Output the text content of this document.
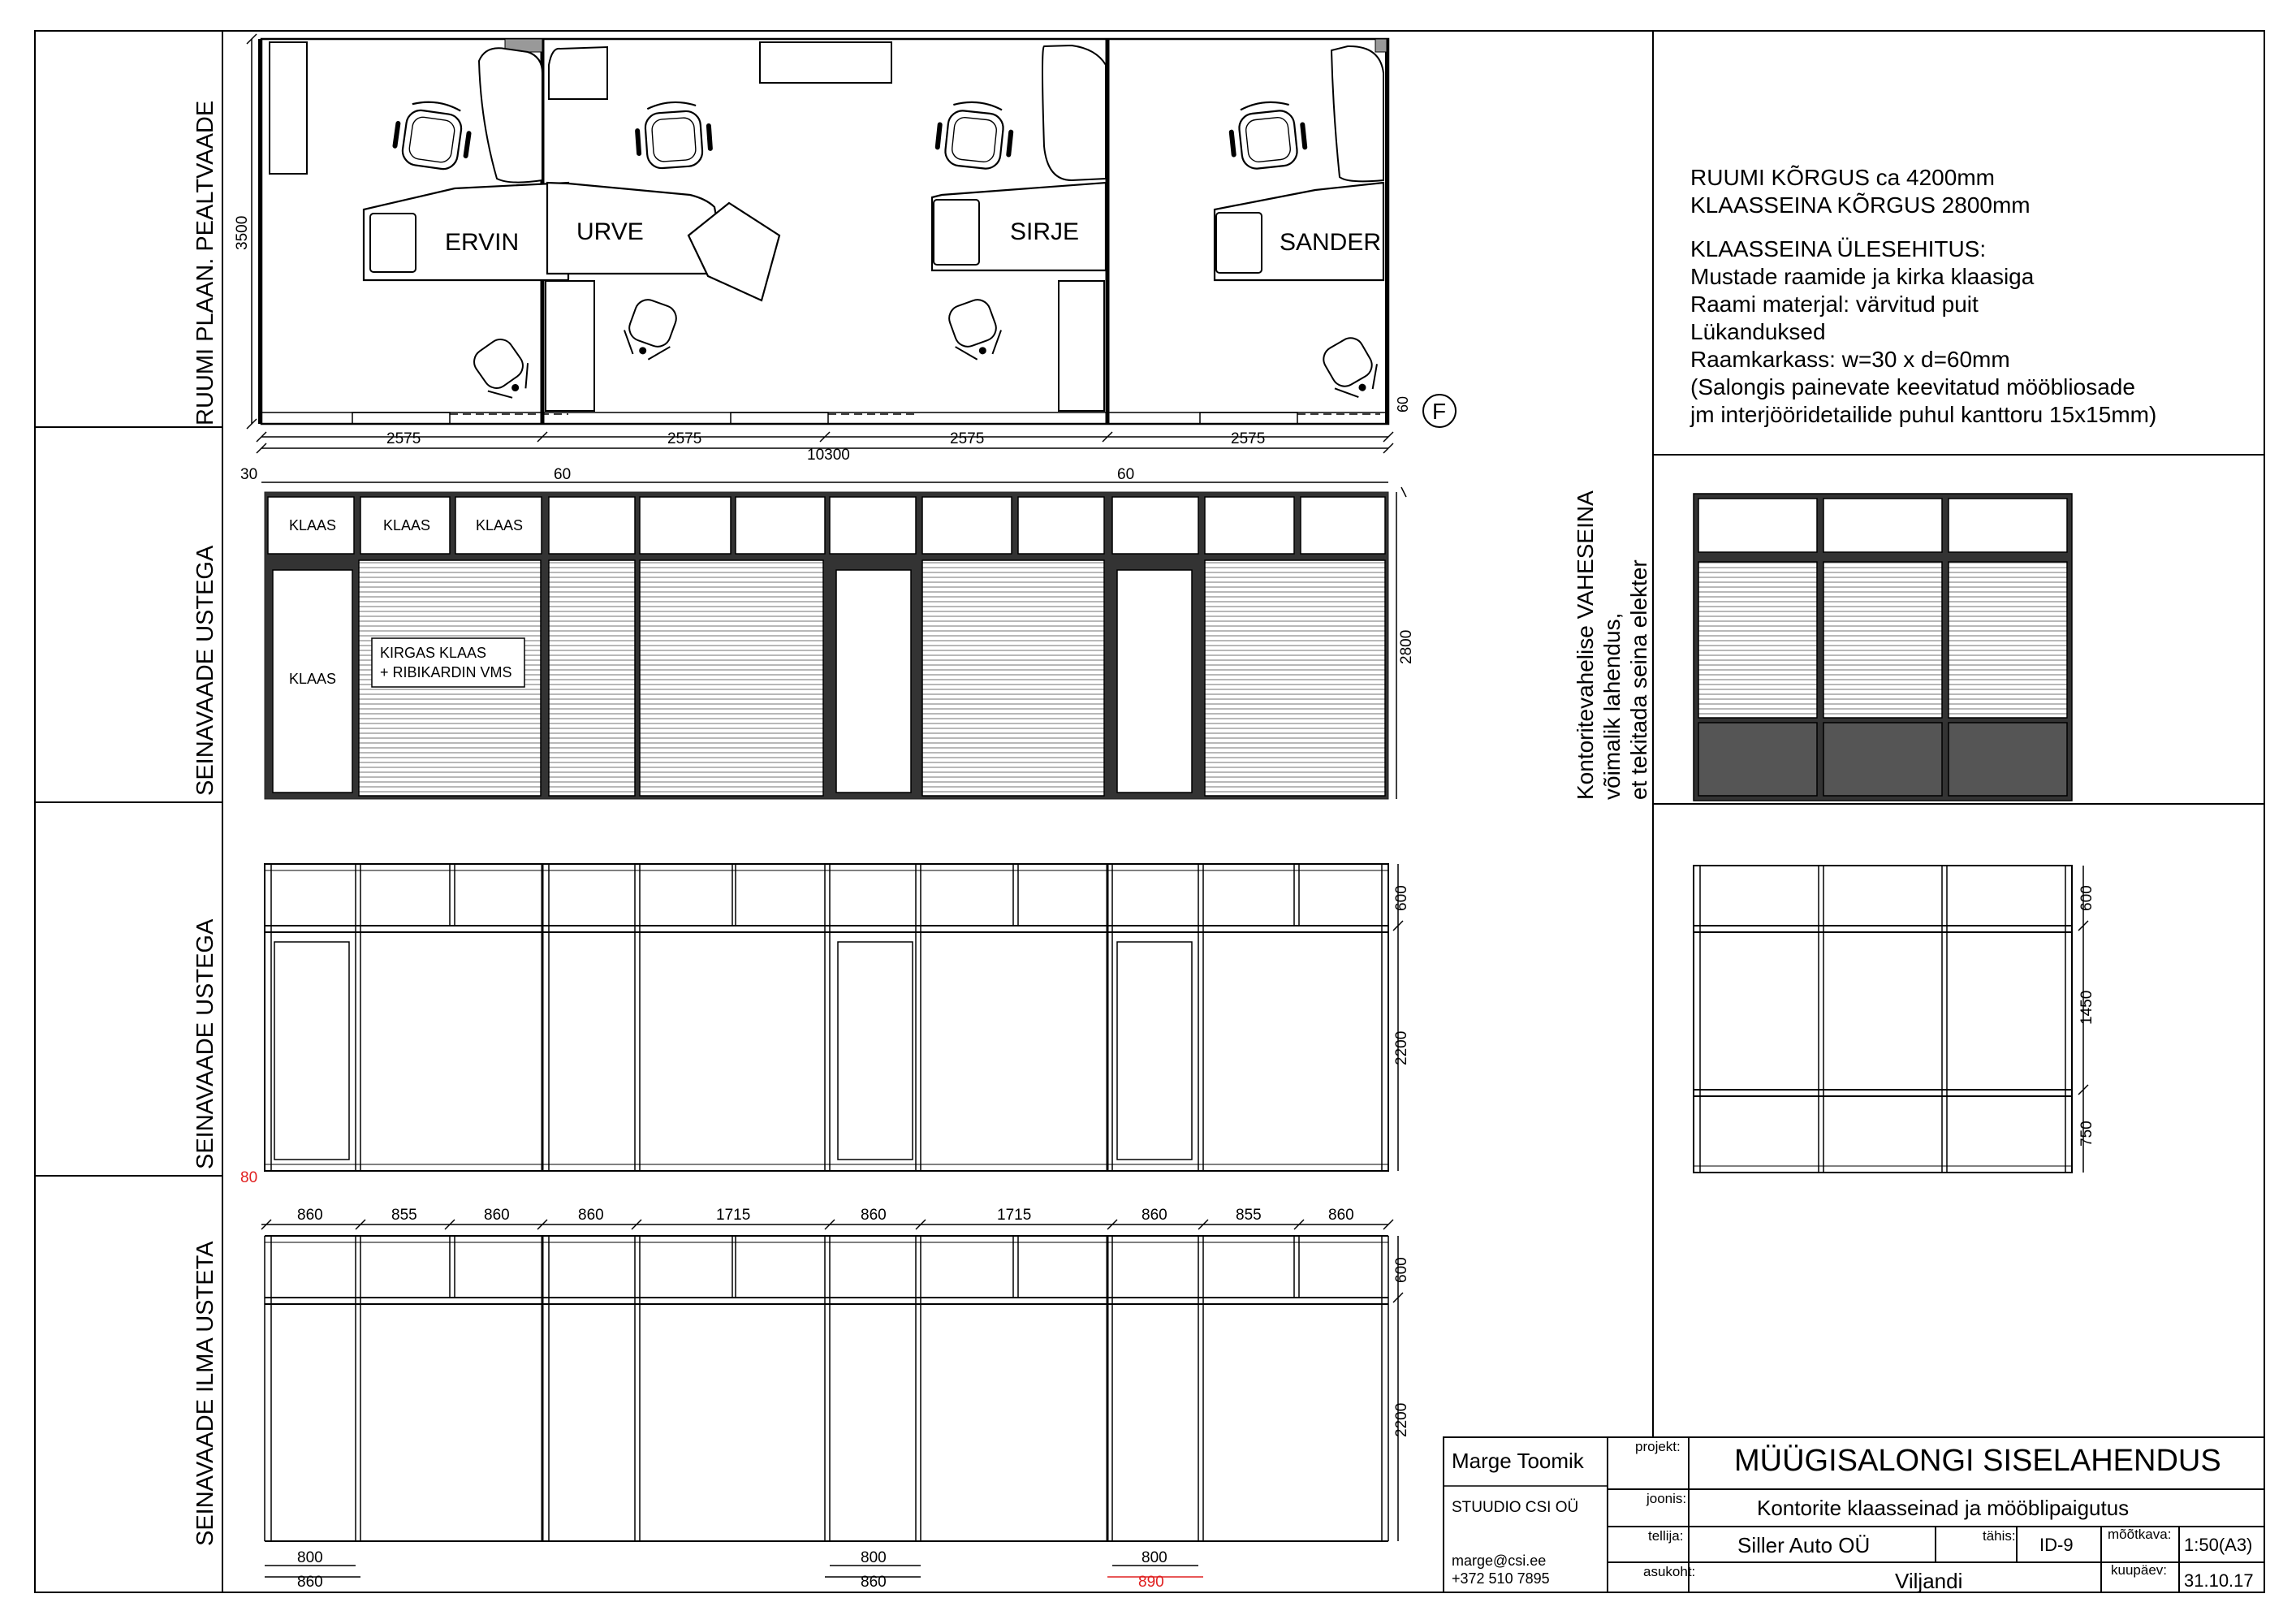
RUUMI PLAAN. PEALTVAADE
SEINAVAADE USTEGA
SEINAVAADE USTEGA
SEINAVAADE ILMA USTETA
Kontoritevahelise VAHESEINA võimalik lahendus, et tekitada seina elekter
ERVIN URVE	SIRJE	SANDER
3500
2575	2575	2575	2575
10300
60 F
30	60	60
KLAAS	KLAAS	KLAAS
KLAAS
KIRGAS KLAAS
+ RIBIKARDIN VMS
2800
600
2200
80
860	855	860	860	1715	860	1715	860	855	860
600
2200
800
860
800
860
800
890
600
1450
750
RUUMI KÕRGUS ca 4200mm
KLAASSEINA KÕRGUS 2800mm
KLAASSEINA ÜLESEHITUS:
Mustade raamide ja kirka klaasiga
Raami materjal: värvitud puit
Lükanduksed
Raamkarkass: w=30 x d=60mm
(Salongis painevate keevitatud mööbliosade
jm interjööridetailide puhul kanttoru 15x15mm)
Marge Toomik
STUUDIO CSI OÜ
marge@csi.ee
+372 510 7895
projekt: MÜÜGISALONGI SISELAHENDUS
joonis:	Kontorite klaasseinad ja mööblipaigutus
tellija:	Siller Auto OÜ	tähis: ID-9
mõõtkava:
1:50(A3)
asukoht:	Viljandi	kuupäev:
31.10.17
